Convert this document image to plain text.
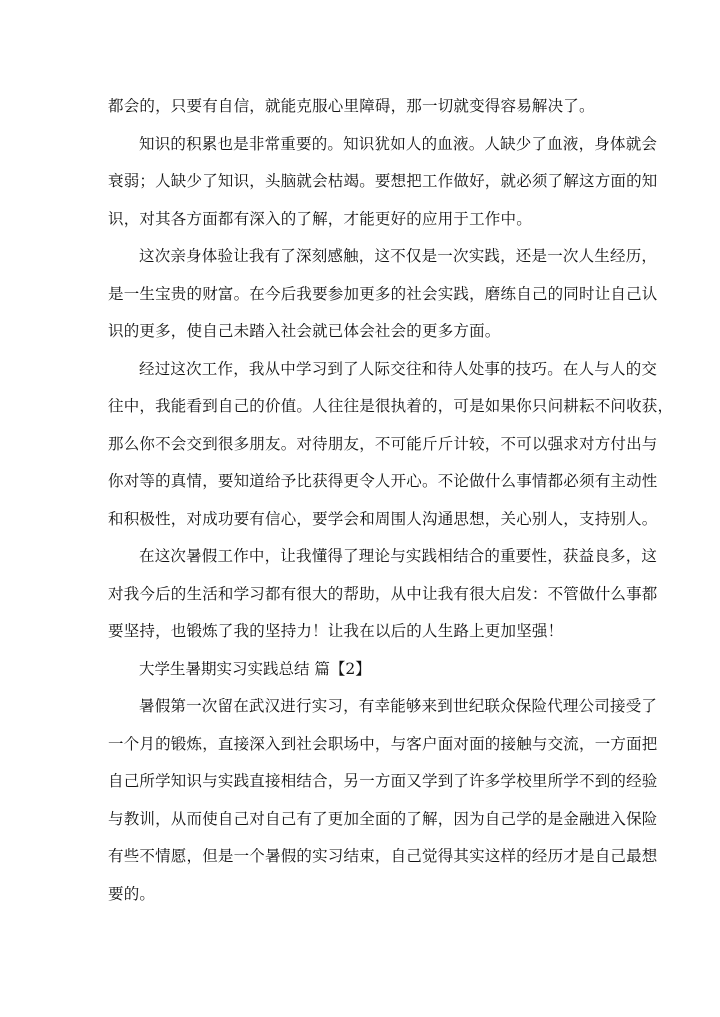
都会的，只要有自信，就能克服心里障碍，那一切就变得容易解决了。
知识的积累也是非常重要的。知识犹如人的血液。人缺少了血液，身体就会
衰弱；人缺少了知识，头脑就会枯竭。要想把工作做好，就必须了解这方面的知
识，对其各方面都有深入的了解，才能更好的应用于工作中。
这次亲身体验让我有了深刻感触，这不仅是一次实践，还是一次人生经历，
是一生宝贵的财富。在今后我要参加更多的社会实践，磨练自己的同时让自己认
识的更多，使自己未踏入社会就已体会社会的更多方面。
经过这次工作，我从中学习到了人际交往和待人处事的技巧。在人与人的交
往中，我能看到自己的价值。人往往是很执着的，可是如果你只问耕耘不问收获，
那么你不会交到很多朋友。对待朋友，不可能斤斤计较，不可以强求对方付出与
你对等的真情，要知道给予比获得更令人开心。不论做什么事情都必须有主动性
和积极性，对成功要有信心，要学会和周围人沟通思想，关心别人，支持别人。
在这次暑假工作中，让我懂得了理论与实践相结合的重要性，获益良多，这
对我今后的生活和学习都有很大的帮助，从中让我有很大启发：不管做什么事都
要坚持，也锻炼了我的坚持力！让我在以后的人生路上更加坚强！
大学生暑期实习实践总结 篇【2】
暑假第一次留在武汉进行实习，有幸能够来到世纪联众保险代理公司接受了
一个月的锻炼，直接深入到社会职场中，与客户面对面的接触与交流，一方面把
自己所学知识与实践直接相结合，另一方面又学到了许多学校里所学不到的经验
与教训，从而使自己对自己有了更加全面的了解，因为自己学的是金融进入保险
有些不情愿，但是一个暑假的实习结束，自己觉得其实这样的经历才是自己最想
要的。
